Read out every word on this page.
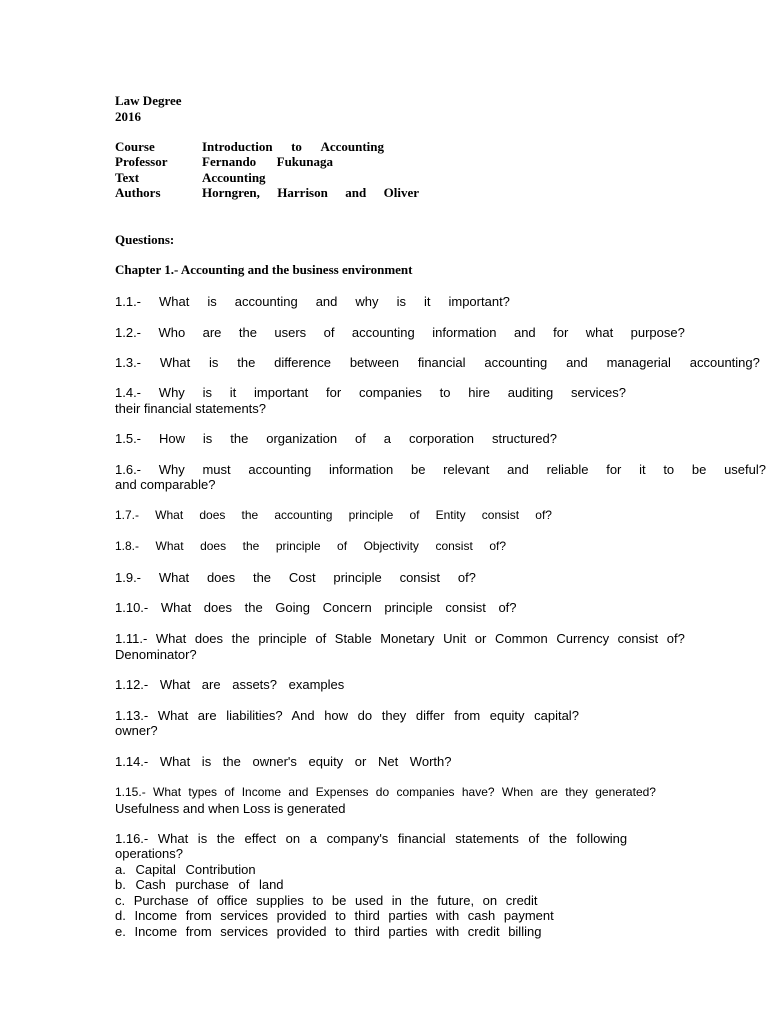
Law Degree
2016
Course	Introduction to Accounting
Professor	Fernando Fukunaga
Text	Accounting
Authors	Horngren, Harrison and Oliver
Questions:
Chapter 1.- Accounting and the business environment
1.1.- What is accounting and why is it important?
1.2.- Who are the users of accounting information and for what purpose?
1.3.- What is the difference between financial accounting and managerial accounting?
1.4.- Why is it important for companies to hire auditing services?
their financial statements?
1.5.- How is the organization of a corporation structured?
1.6.- Why must accounting information be relevant and reliable for it to be useful?
and comparable?
1.7.- What does the accounting principle of Entity consist of?
1.8.- What does the principle of Objectivity consist of?
1.9.- What does the Cost principle consist of?
1.10.- What does the Going Concern principle consist of?
1.11.- What does the principle of Stable Monetary Unit or Common Currency consist of?
Denominator?
1.12.- What are assets? examples
1.13.- What are liabilities? And how do they differ from equity capital?
owner?
1.14.- What is the owner's equity or Net Worth?
1.15.- What types of Income and Expenses do companies have? When are they generated?
Usefulness and when Loss is generated
1.16.- What is the effect on a company's financial statements of the following
operations?
a. Capital Contribution
b. Cash purchase of land
c. Purchase of office supplies to be used in the future, on credit
d. Income from services provided to third parties with cash payment
e. Income from services provided to third parties with credit billing
